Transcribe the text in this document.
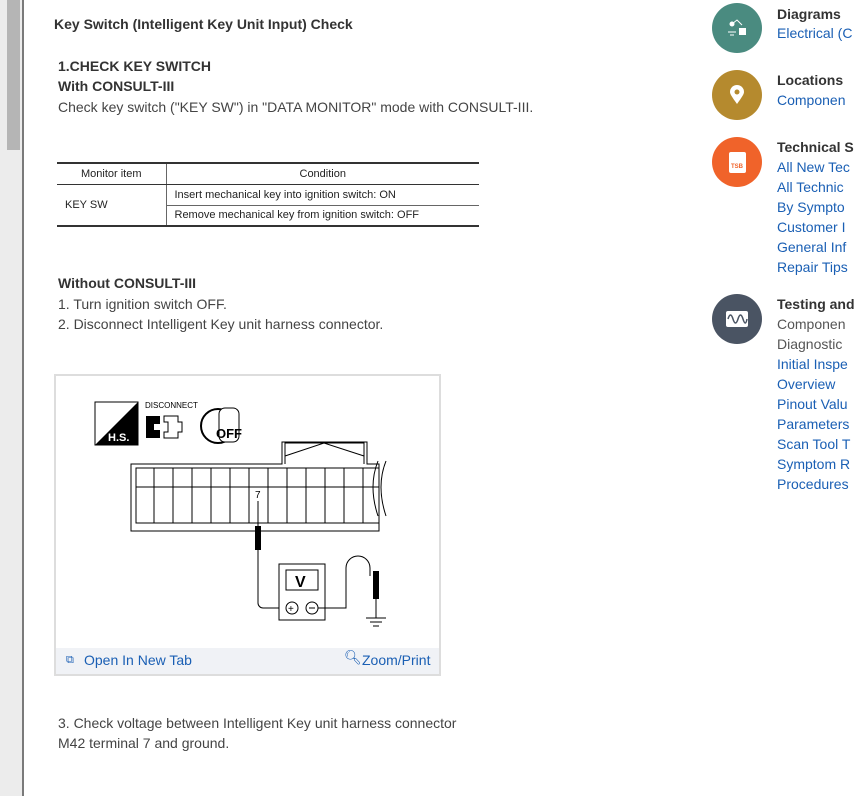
Key Switch (Intelligent Key Unit Input) Check
1.CHECK KEY SWITCH
With CONSULT-III
Check key switch ("KEY SW") in "DATA MONITOR" mode with CONSULT-III.
Monitor item	Condition
KEY SW	Insert mechanical key into ignition switch: ON
	Remove mechanical key from ignition switch: OFF
Without CONSULT-III
1. Turn ignition switch OFF.
2. Disconnect Intelligent Key unit harness connector.
H.S.
DISCONNECT
OFF
7
V
+
⧉ Open In New Tab	🔍︎ Zoom/Print
3. Check voltage between Intelligent Key unit harness connector
M42 terminal 7 and ground.
Diagrams
Electrical (C
Locations
Componen
TSB
Technical S
All New Tec
All Technic
By Sympto
Customer I
General Inf
Repair Tips
Testing and
Componen
Diagnostic
Initial Inspe
Overview
Pinout Valu
Parameters
Scan Tool T
Symptom R
Procedures
